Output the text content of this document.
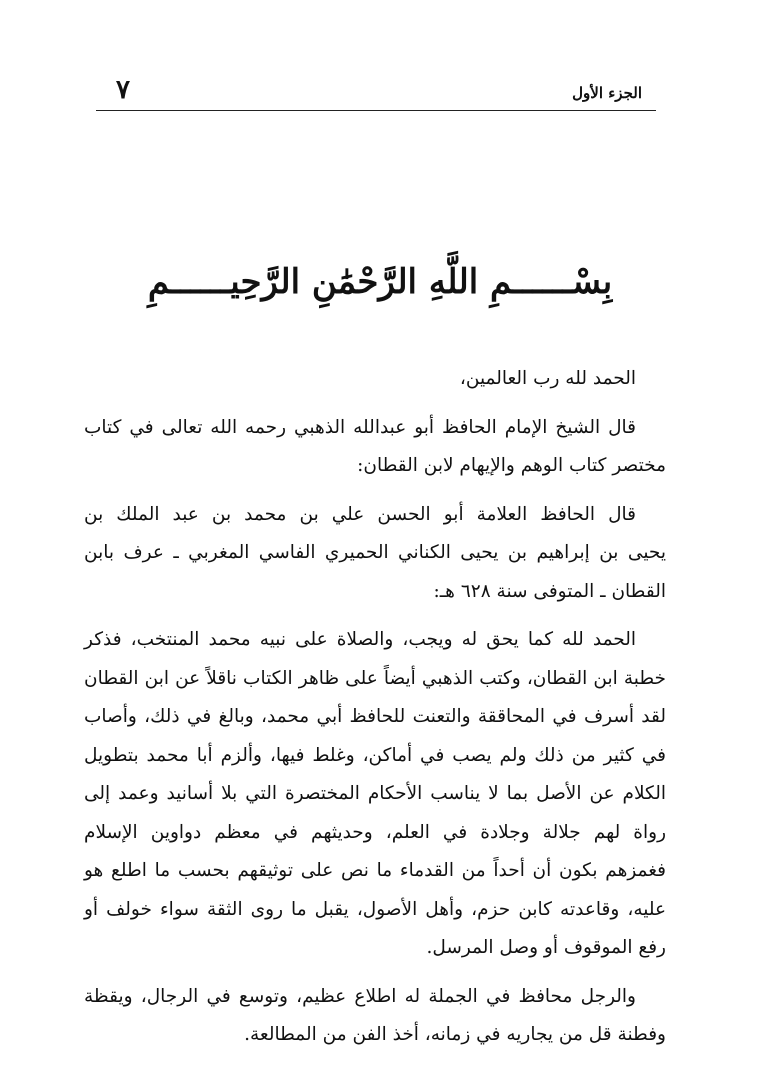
الجزء الأول
٧
بِسْــــــمِ اللَّهِ الرَّحْمَٰنِ الرَّحِيــــــمِ
الحمد لله رب العالمين،
قال الشيخ الإمام الحافظ أبو عبدالله الذهبي رحمه الله تعالى في كتاب
مختصر كتاب الوهم والإيهام لابن القطان:
قال الحافظ العلامة أبو الحسن علي بن محمد بن عبد الملك بن
يحيى بن إبراهيم بن يحيى الكناني الحميري الفاسي المغربي ـ عرف بابن
القطان ـ المتوفى سنة ٦٢٨ هـ:
الحمد لله كما يحق له ويجب، والصلاة على نبيه محمد المنتخب، فذكر
خطبة ابن القطان، وكتب الذهبي أيضاً على ظاهر الكتاب ناقلاً عن ابن القطان
لقد أسرف في المحاققة والتعنت للحافظ أبي محمد، وبالغ في ذلك، وأصاب
في كثير من ذلك ولم يصب في أماكن، وغلط فيها، وألزم أبا محمد بتطويل
الكلام عن الأصل بما لا يناسب الأحكام المختصرة التي بلا أسانيد وعمد إلى
رواة لهم جلالة وجلادة في العلم، وحديثهم في معظم دواوين الإسلام
فغمزهم بكون أن أحداً من القدماء ما نص على توثيقهم بحسب ما اطلع هو
عليه، وقاعدته كابن حزم، وأهل الأصول، يقبل ما روى الثقة سواء خولف أو
رفع الموقوف أو وصل المرسل.
والرجل محافظ في الجملة له اطلاع عظيم، وتوسع في الرجال، ويقظة
وفطنة قل من يجاريه في زمانه، أخذ الفن من المطالعة.
